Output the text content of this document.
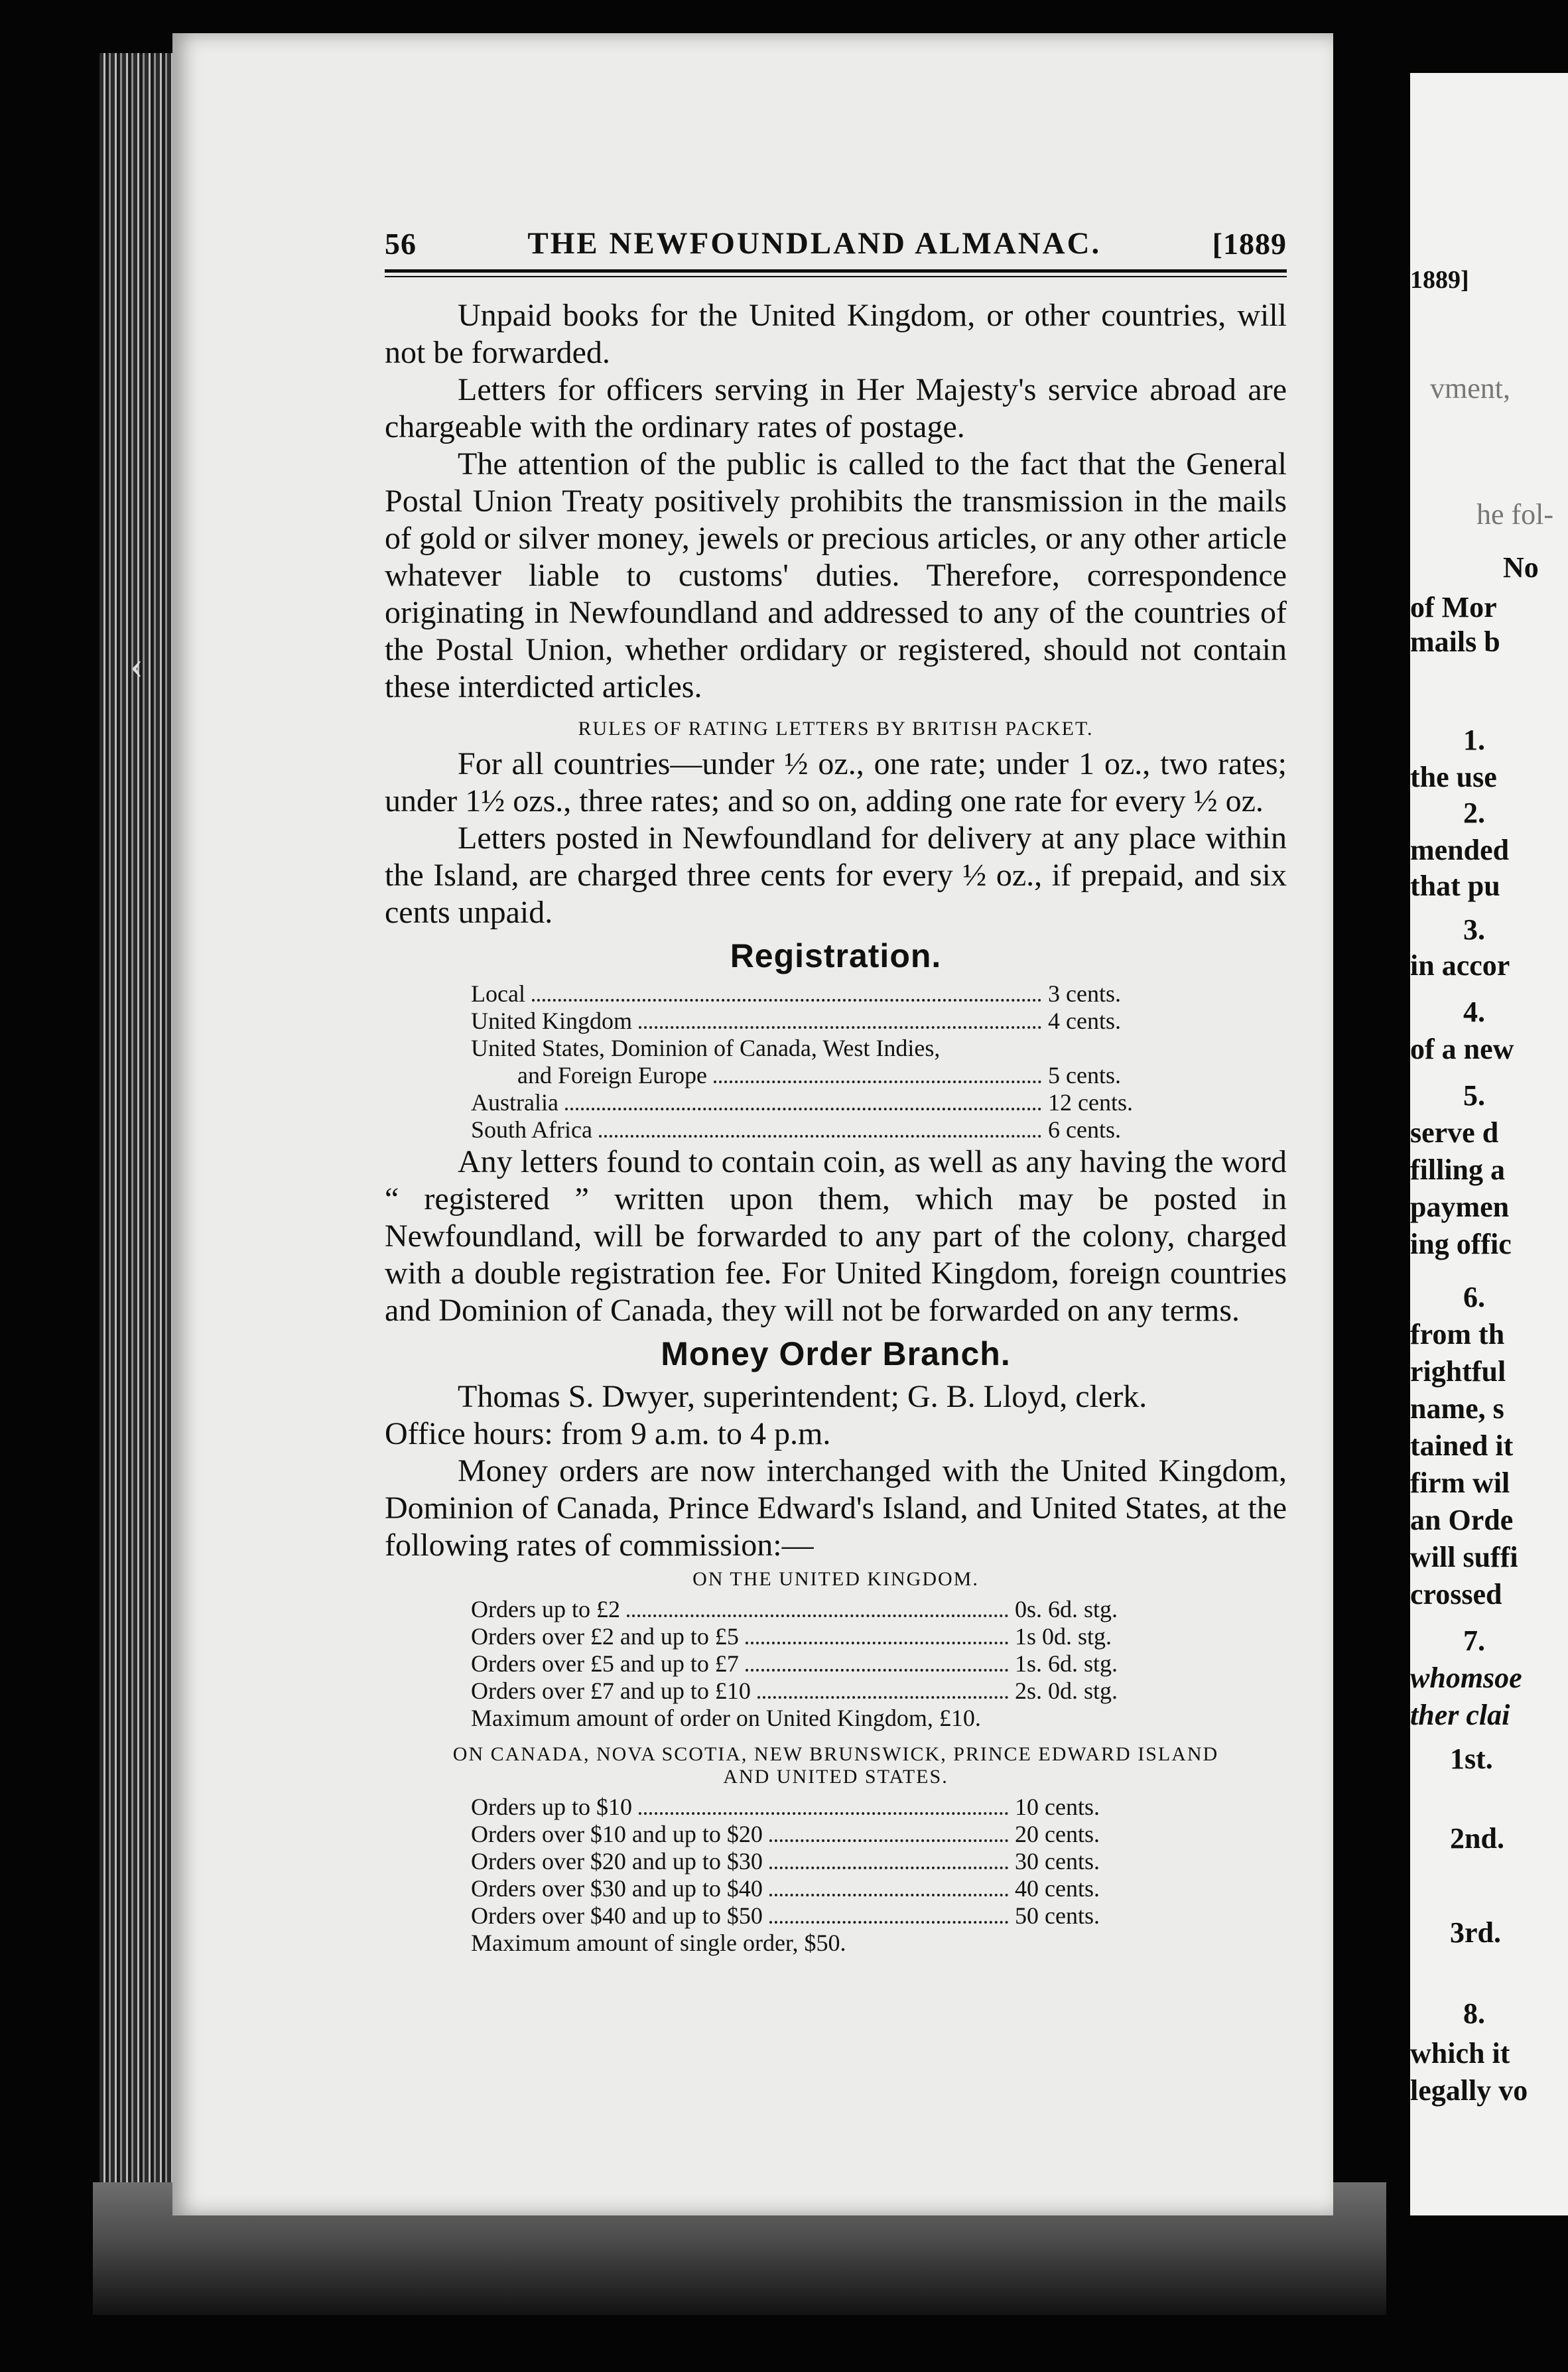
‹
56	THE NEWFOUNDLAND ALMANAC.	[1889

Unpaid books for the United Kingdom, or other countries, will not be forwarded.

Letters for officers serving in Her Majesty's service abroad are chargeable with the ordinary rates of postage.

The attention of the public is called to the fact that the General Postal Union Treaty positively prohibits the transmission in the mails of gold or silver money, jewels or precious articles, or any other article whatever liable to customs' duties. Therefore, correspondence originating in Newfoundland and addressed to any of the countries of the Postal Union, whether ordidary or registered, should not contain these interdicted articles.

RULES OF RATING LETTERS BY BRITISH PACKET.

For all countries—under ½ oz., one rate; under 1 oz., two rates; under 1½ ozs., three rates; and so on, adding one rate for every ½ oz.

Letters posted in Newfoundland for delivery at any place within the Island, are charged three cents for every ½ oz., if prepaid, and six cents unpaid.

Registration.
Local	3 cents.
United Kingdom	4 cents.
United States, Dominion of Canada, West Indies,
and Foreign Europe	5 cents.
Australia	12 cents.
South Africa	6 cents.

Any letters found to contain coin, as well as any having the word “ registered ” written upon them, which may be posted in Newfoundland, will be forwarded to any part of the colony, charged with a double registration fee. For United Kingdom, foreign countries and Dominion of Canada, they will not be forwarded on any terms.

Money Order Branch.

Thomas S. Dwyer, superintendent; G. B. Lloyd, clerk.

Office hours: from 9 a.m. to 4 p.m.

Money orders are now interchanged with the United Kingdom, Dominion of Canada, Prince Edward's Island, and United States, at the following rates of commission:—

ON THE UNITED KINGDOM.
Orders up to £2	0s. 6d. stg.
Orders over £2 and up to £5	1s 0d. stg.
Orders over £5 and up to £7	1s. 6d. stg.
Orders over £7 and up to £10	2s. 0d. stg.
Maximum amount of order on United Kingdom, £10.
ON CANADA, NOVA SCOTIA, NEW BRUNSWICK, PRINCE EDWARD ISLAND
AND UNITED STATES.
Orders up to $10	10 cents.
Orders over $10 and up to $20	20 cents.
Orders over $20 and up to $30	30 cents.
Orders over $30 and up to $40	40 cents.
Orders over $40 and up to $50	50 cents.
Maximum amount of single order, $50.
1889]
vment,
he fol-
No
of Mor
mails b
1.
the use
2.
mended
that pu
3.
in accor
4.
of a new
5.
serve d
filling a
paymen
ing offic
6.
from th
rightful
name, s
tained it
firm wil
an Orde
will suffi
crossed
7.
whomsoe
ther clai
1st.
2nd.
3rd.
8.
which it
legally vo
